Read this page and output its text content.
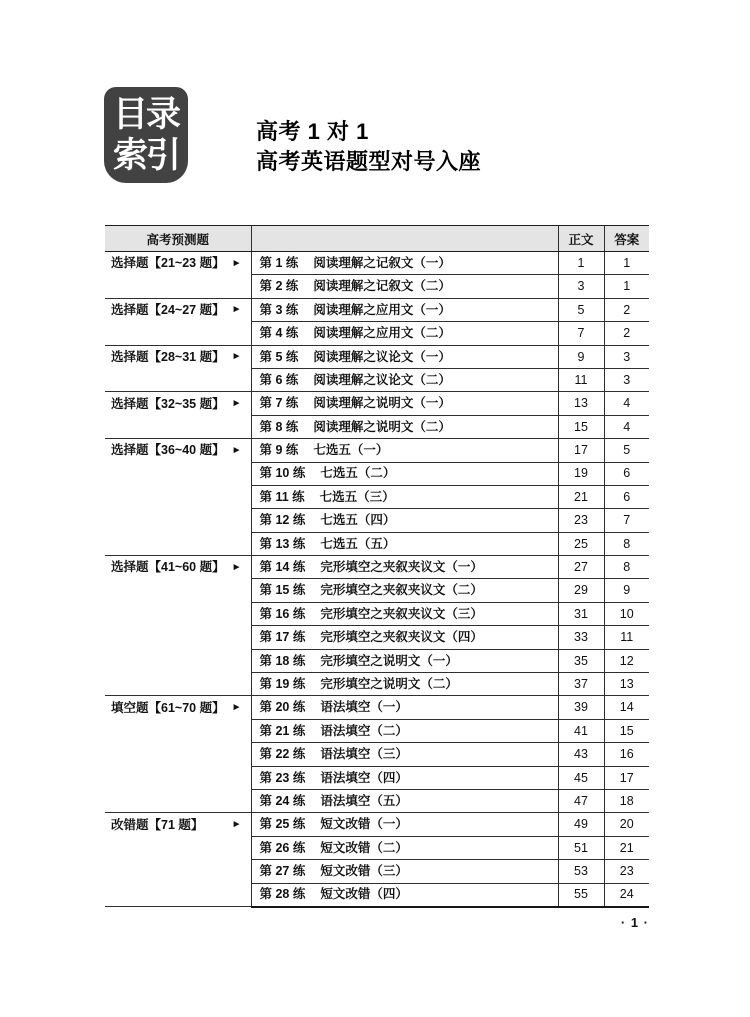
目录
索引
高考 1 对 1
高考英语题型对号入座
高考预测题		正文	答案

选择题【21~23 题】 ►	第 1 练 阅读理解之记叙文（一）	1	1
	第 2 练 阅读理解之记叙文（二）	3	1

选择题【24~27 题】 ►	第 3 练 阅读理解之应用文（一）	5	2
	第 4 练 阅读理解之应用文（二）	7	2

选择题【28~31 题】 ►	第 5 练 阅读理解之议论文（一）	9	3
	第 6 练 阅读理解之议论文（二）	11	3

选择题【32~35 题】 ►	第 7 练 阅读理解之说明文（一）	13	4
	第 8 练 阅读理解之说明文（二）	15	4

选择题【36~40 题】 ►	第 9 练 七选五（一）	17	5
	第 10 练 七选五（二）	19	6
	第 11 练 七选五（三）	21	6
	第 12 练 七选五（四）	23	7
	第 13 练 七选五（五）	25	8

选择题【41~60 题】 ►	第 14 练 完形填空之夹叙夹议文（一）	27	8
	第 15 练 完形填空之夹叙夹议文（二）	29	9
	第 16 练 完形填空之夹叙夹议文（三）	31	10
	第 17 练 完形填空之夹叙夹议文（四）	33	11
	第 18 练 完形填空之说明文（一）	35	12
	第 19 练 完形填空之说明文（二）	37	13

填空题【61~70 题】 ►	第 20 练 语法填空（一）	39	14
	第 21 练 语法填空（二）	41	15
	第 22 练 语法填空（三）	43	16
	第 23 练 语法填空（四）	45	17
	第 24 练 语法填空（五）	47	18

改错题【71 题】 ►	第 25 练 短文改错（一）	49	20
	第 26 练 短文改错（二）	51	21
	第 27 练 短文改错（三）	53	23
	第 28 练 短文改错（四）	55	24
· 1 ·
